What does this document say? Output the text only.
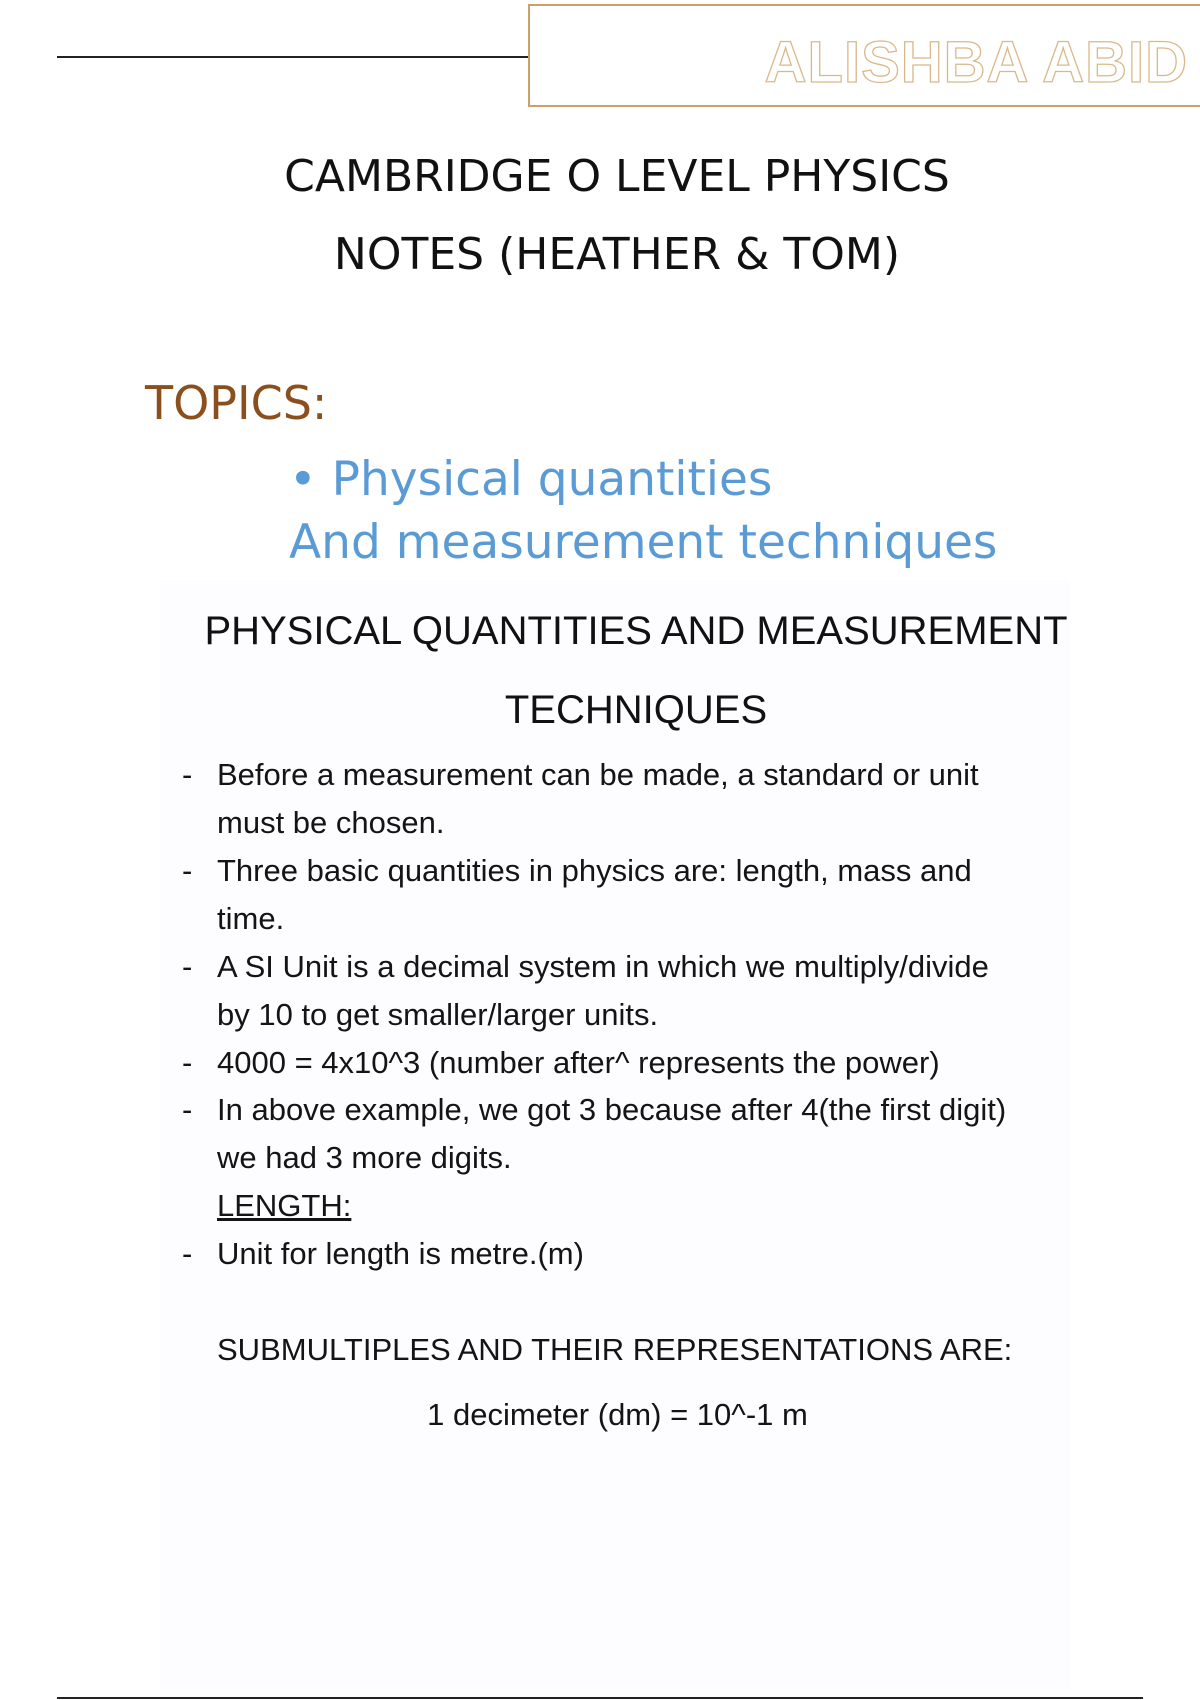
ALISHBA ABID
CAMBRIDGE O LEVEL PHYSICS
NOTES (HEATHER & TOM)
TOPICS:
• Physical quantities
And measurement techniques
PHYSICAL QUANTITIES AND MEASUREMENT
TECHNIQUES
- Before a measurement can be made, a standard or unit
must be chosen.
- Three basic quantities in physics are: length, mass and
time.
- A SI Unit is a decimal system in which we multiply/divide
by 10 to get smaller/larger units.
- 4000 = 4x10^3 (number after^ represents the power)
- In above example, we got 3 because after 4(the first digit)
we had 3 more digits.
LENGTH:
- Unit for length is metre.(m)
SUBMULTIPLES AND THEIR REPRESENTATIONS ARE:
1 decimeter (dm) = 10^-1 m
